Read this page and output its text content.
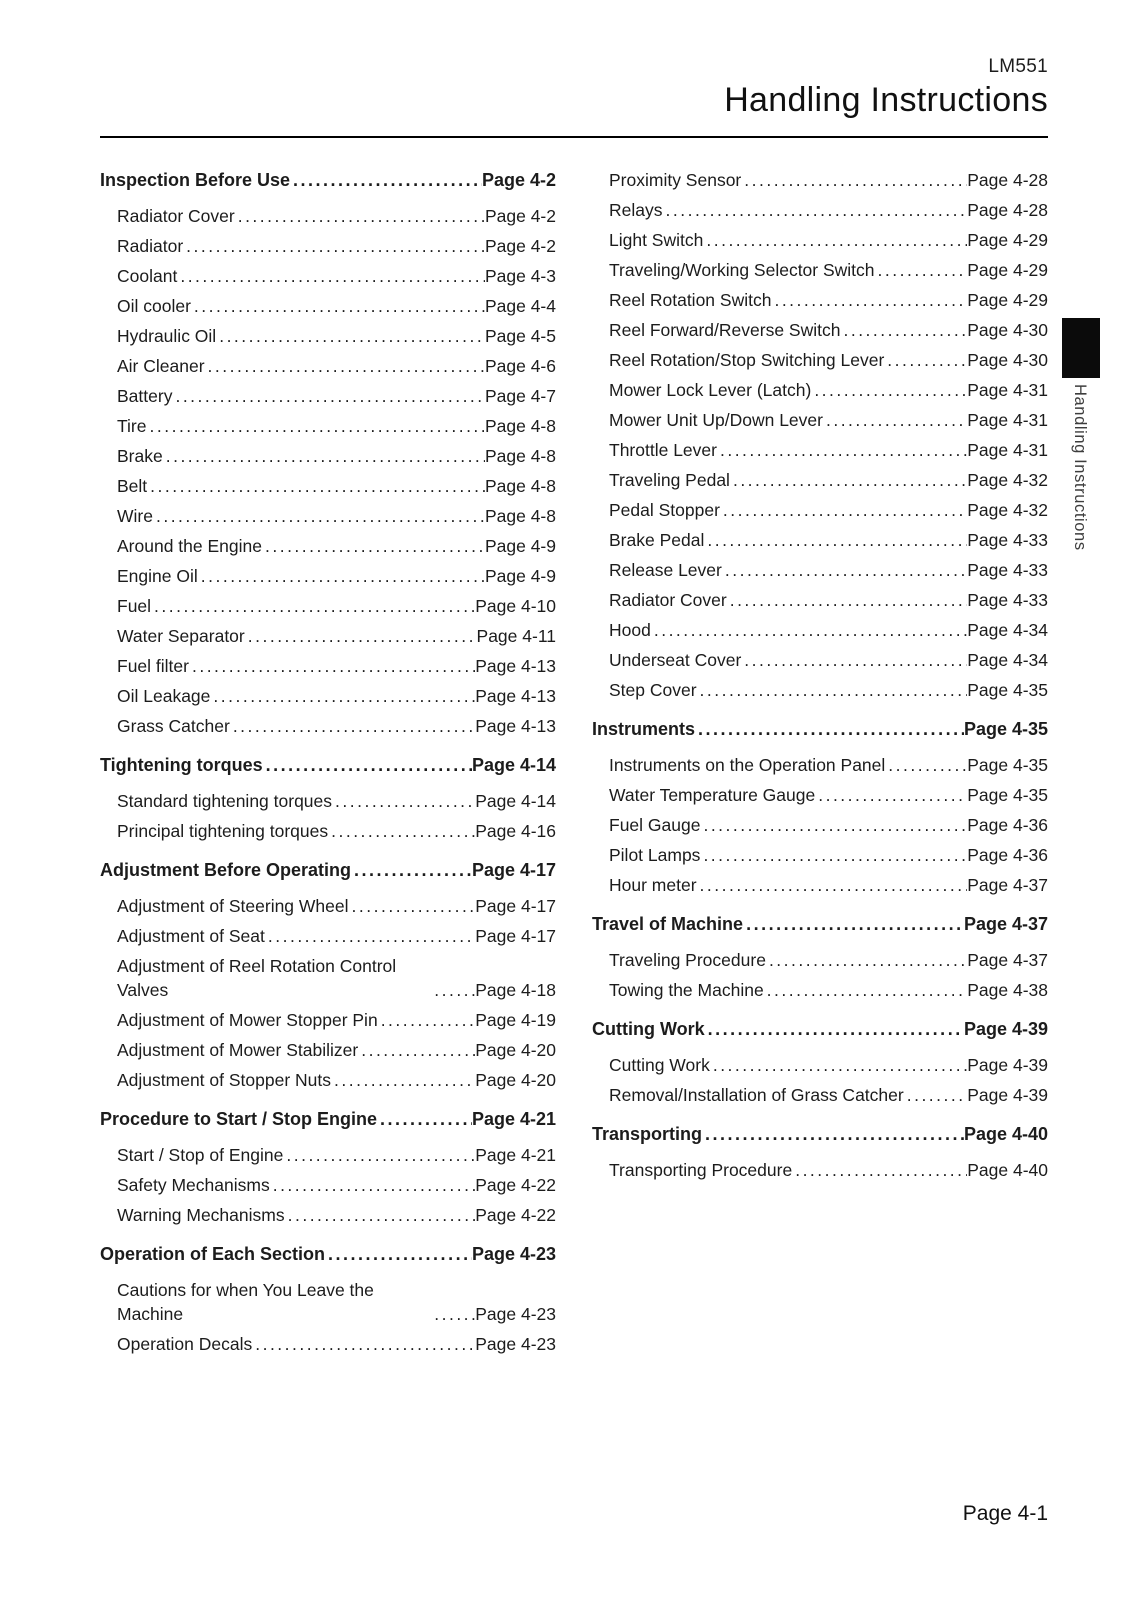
LM551
Handling Instructions
Inspection Before Use .....	Page 4-2
Radiator Cover .....	Page 4-2
Radiator .....	Page 4-2
Coolant .....	Page 4-3
Oil cooler .....	Page 4-4
Hydraulic Oil .....	Page 4-5
Air Cleaner .....	Page 4-6
Battery .....	Page 4-7
Tire .....	Page 4-8
Brake .....	Page 4-8
Belt .....	Page 4-8
Wire .....	Page 4-8
Around the Engine .....	Page 4-9
Engine Oil .....	Page 4-9
Fuel .....	Page 4-10
Water Separator .....	Page 4-11
Fuel filter .....	Page 4-13
Oil Leakage .....	Page 4-13
Grass Catcher .....	Page 4-13
Tightening torques .....	Page 4-14
Standard tightening torques .....	Page 4-14
Principal tightening torques .....	Page 4-16
Adjustment Before Operating .....	Page 4-17
Adjustment of Steering Wheel .....	Page 4-17
Adjustment of Seat .....	Page 4-17
Adjustment of Reel Rotation Control Valves .....	Page 4-18
Adjustment of Mower Stopper Pin .....	Page 4-19
Adjustment of Mower Stabilizer .....	Page 4-20
Adjustment of Stopper Nuts .....	Page 4-20
Procedure to Start / Stop Engine .....	Page 4-21
Start / Stop of Engine .....	Page 4-21
Safety Mechanisms .....	Page 4-22
Warning Mechanisms .....	Page 4-22
Operation of Each Section .....	Page 4-23
Cautions for when You Leave the Machine .....	Page 4-23
Operation Decals .....	Page 4-23
Proximity Sensor .....	Page 4-28
Relays .....	Page 4-28
Light Switch .....	Page 4-29
Traveling/Working Selector Switch .....	Page 4-29
Reel Rotation Switch .....	Page 4-29
Reel Forward/Reverse Switch .....	Page 4-30
Reel Rotation/Stop Switching Lever .....	Page 4-30
Mower Lock Lever (Latch) .....	Page 4-31
Mower Unit Up/Down Lever .....	Page 4-31
Throttle Lever .....	Page 4-31
Traveling Pedal .....	Page 4-32
Pedal Stopper .....	Page 4-32
Brake Pedal .....	Page 4-33
Release Lever .....	Page 4-33
Radiator Cover .....	Page 4-33
Hood .....	Page 4-34
Underseat Cover .....	Page 4-34
Step Cover .....	Page 4-35
Instruments .....	Page 4-35
Instruments on the Operation Panel .....	Page 4-35
Water Temperature Gauge .....	Page 4-35
Fuel Gauge .....	Page 4-36
Pilot Lamps .....	Page 4-36
Hour meter .....	Page 4-37
Travel of Machine .....	Page 4-37
Traveling Procedure .....	Page 4-37
Towing the Machine .....	Page 4-38
Cutting Work .....	Page 4-39
Cutting Work .....	Page 4-39
Removal/Installation of Grass Catcher .....	Page 4-39
Transporting .....	Page 4-40
Transporting Procedure .....	Page 4-40
Handling Instructions
Page 4-1
